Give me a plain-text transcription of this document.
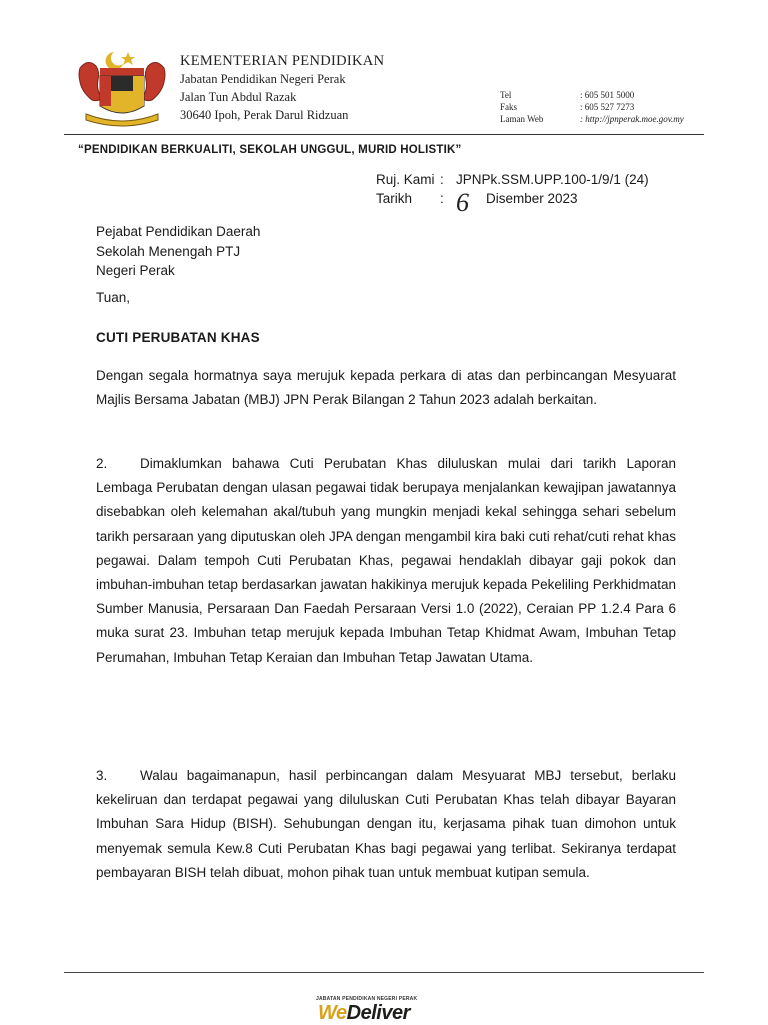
KEMENTERIAN PENDIDIKAN
Jabatan Pendidikan Negeri Perak
Jalan Tun Abdul Razak
30640 Ipoh, Perak Darul Ridzuan
Tel	: 605 501 5000
Faks	: 605 527 7273
Laman Web	: http://jpnperak.moe.gov.my
“PENDIDIKAN BERKUALITI, SEKOLAH UNGGUL, MURID HOLISTIK”
Ruj. Kami : JPNPk.SSM.UPP.100-1/9/1 (24)
Tarikh	: 6	Disember 2023
Pejabat Pendidikan Daerah
Sekolah Menengah PTJ
Negeri Perak
Tuan,
CUTI PERUBATAN KHAS

Dengan segala hormatnya saya merujuk kepada perkara di atas dan perbincangan Mesyuarat Majlis Bersama Jabatan (MBJ) JPN Perak Bilangan 2 Tahun 2023 adalah berkaitan.

2. Dimaklumkan bahawa Cuti Perubatan Khas diluluskan mulai dari tarikh Laporan Lembaga Perubatan dengan ulasan pegawai tidak berupaya menjalankan kewajipan jawatannya disebabkan oleh kelemahan akal/tubuh yang mungkin menjadi kekal sehingga sehari sebelum tarikh persaraan yang diputuskan oleh JPA dengan mengambil kira baki cuti rehat/cuti rehat khas pegawai. Dalam tempoh Cuti Perubatan Khas, pegawai hendaklah dibayar gaji pokok dan imbuhan-imbuhan tetap berdasarkan jawatan hakikinya merujuk kepada Pekeliling Perkhidmatan Sumber Manusia, Persaraan Dan Faedah Persaraan Versi 1.0 (2022), Ceraian PP 1.2.4 Para 6 muka surat 23. Imbuhan tetap merujuk kepada Imbuhan Tetap Khidmat Awam, Imbuhan Tetap Perumahan, Imbuhan Tetap Keraian dan Imbuhan Tetap Jawatan Utama.

3. Walau bagaimanapun, hasil perbincangan dalam Mesyuarat MBJ tersebut, berlaku kekeliruan dan terdapat pegawai yang diluluskan Cuti Perubatan Khas telah dibayar Bayaran Imbuhan Sara Hidup (BISH). Sehubungan dengan itu, kerjasama pihak tuan dimohon untuk menyemak semula Kew.8 Cuti Perubatan Khas bagi pegawai yang terlibat. Sekiranya terdapat pembayaran BISH telah dibuat, mohon pihak tuan untuk membuat kutipan semula.

JABATAN PENDIDIKAN NEGERI PERAK
WeDeliver
